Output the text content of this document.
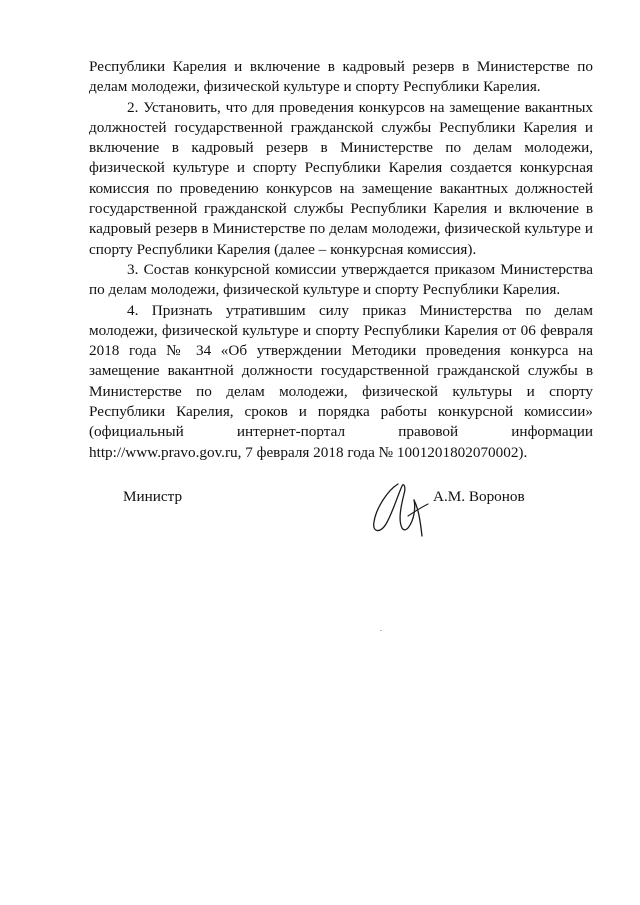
Республики Карелия и включение в кадровый резерв в Министерстве по делам молодежи, физической культуре и спорту Республики Карелия.

2. Установить, что для проведения конкурсов на замещение вакантных должностей государственной гражданской службы Республики Карелия и включение в кадровый резерв в Министерстве по делам молодежи, физической культуре и спорту Республики Карелия создается конкурсная комиссия по проведению конкурсов на замещение вакантных должностей государственной гражданской службы Республики Карелия и включение в кадровый резерв в Министерстве по делам молодежи, физической культуре и спорту Республики Карелия (далее – конкурсная комиссия).

3. Состав конкурсной комиссии утверждается приказом Министерства по делам молодежи, физической культуре и спорту Республики Карелия.

4. Признать утратившим силу приказ Министерства по делам молодежи, физической культуре и спорту Республики Карелия от 06 февраля 2018 года № 34 «Об утверждении Методики проведения конкурса на замещение вакантной должности государственной гражданской службы в Министерстве по делам молодежи, физической культуры и спорту Республики Карелия, сроков и порядка работы конкурсной комиссии» (официальный интернет-портал правовой информации

http://www.pravo.gov.ru, 7 февраля 2018 года № 1001201802070002).

Министр	А.М. Воронов
